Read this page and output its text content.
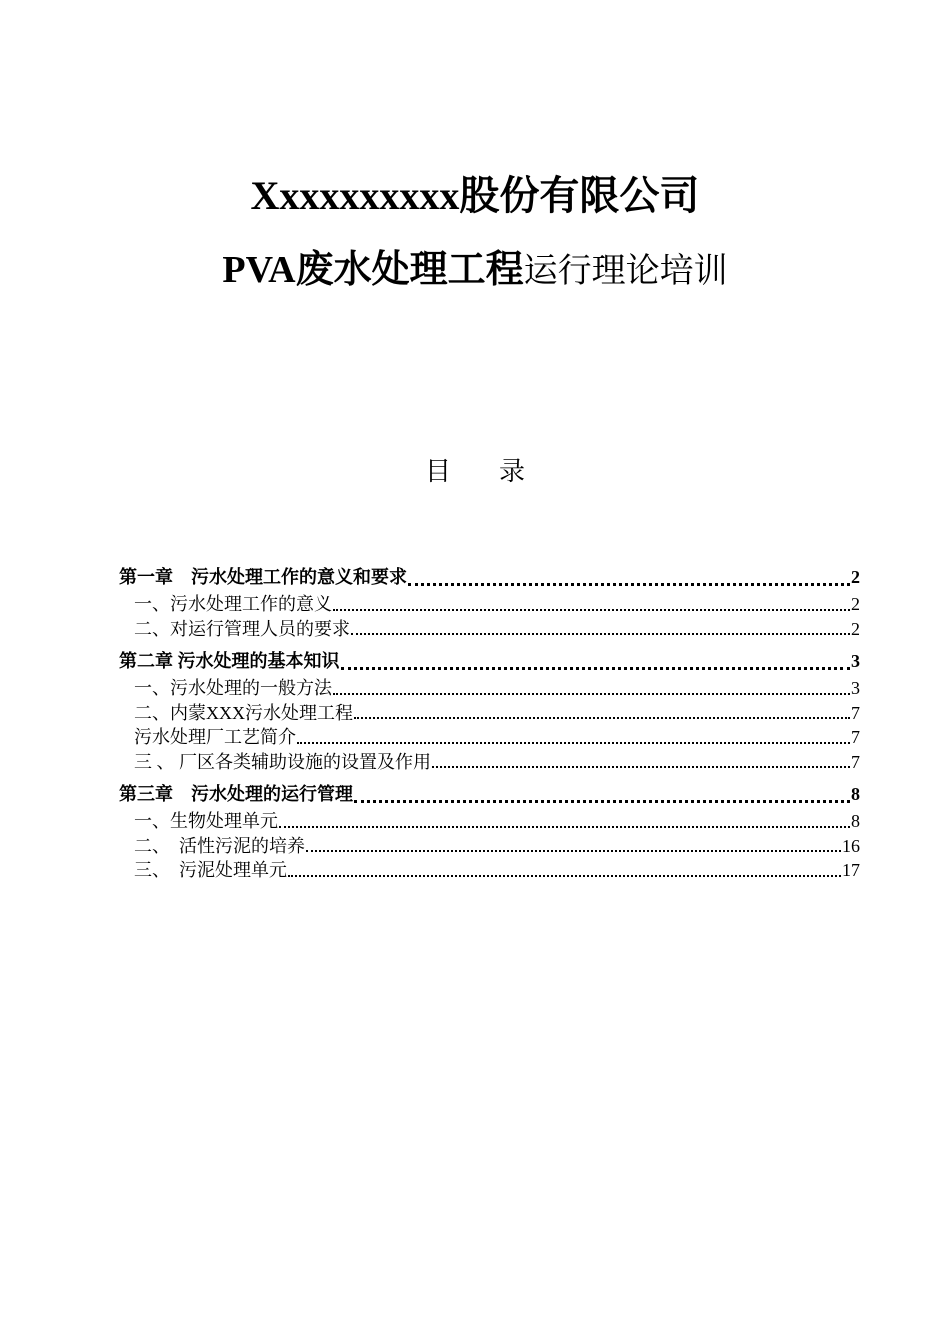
Xxxxxxxxxx股份有限公司
PVA废水处理工程运行理论培训
目 录
第一章　污水处理工作的意义和要求	2
一、污水处理工作的意义	2
二、对运行管理人员的要求	2
第二章 污水处理的基本知识	3
一、污水处理的一般方法	3
二、内蒙XXX污水处理工程	7
污水处理厂工艺简介	7
三 、 厂区各类辅助设施的设置及作用	7
第三章　污水处理的运行管理	8
一、生物处理单元	8
二、　活性污泥的培养	16
三、　污泥处理单元	17
